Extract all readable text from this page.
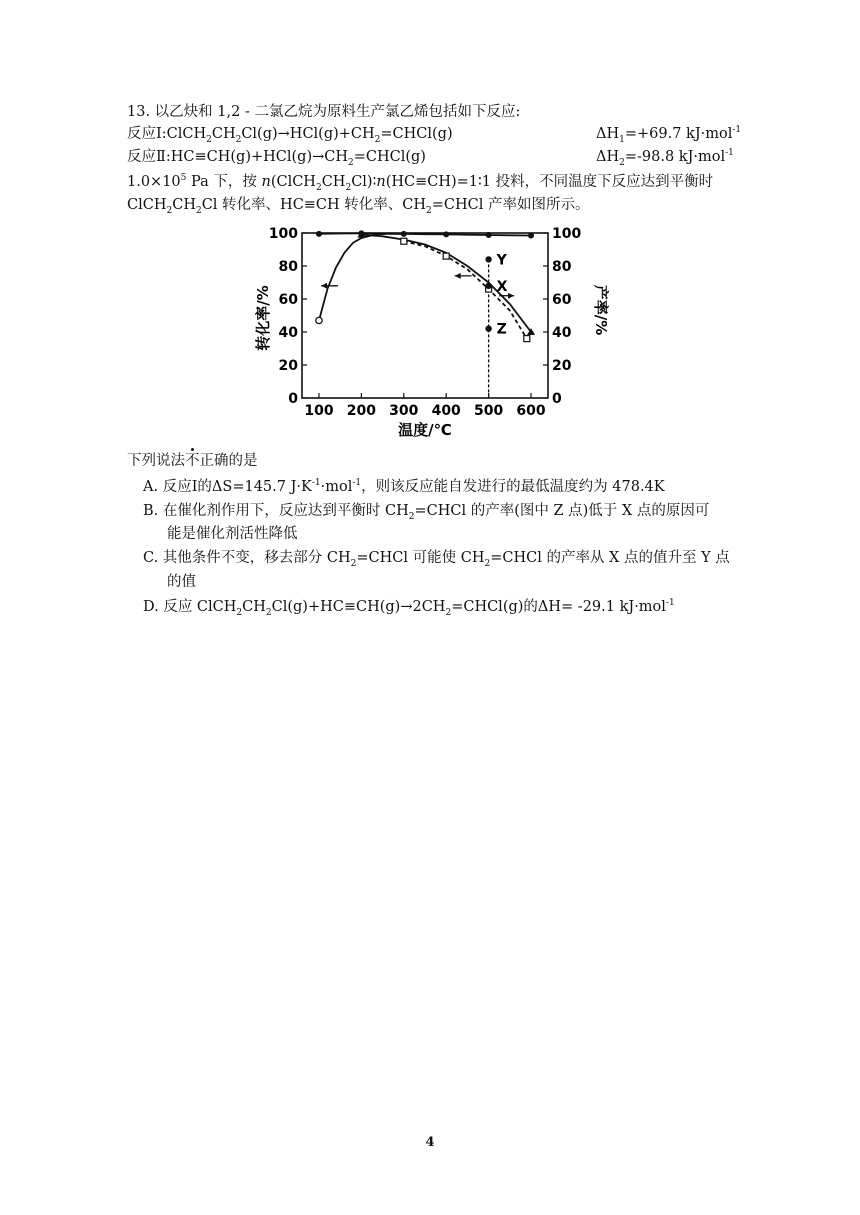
13. 以乙炔和 1,2 - 二氯乙烷为原料生产氯乙烯包括如下反应:
反应$Ⅰ:ClCH_2CH_2Cl(g)\to HCl(g)+CH_2=CHCl(g)$	$\Delta H_1=+69.7$ kJ·mol$^{-1}$
反应$Ⅱ:HC\equiv CH(g)+HCl(g)\to CH_2=CHCl(g)$	$\Delta H_2=-98.8$ kJ·mol$^{-1}$
$1.0\times 10^5$ Pa 下，按 $n(ClCH_2CH_2Cl)∶n(HC\equiv CH)=1∶1$ 投料，不同温度下反应达到平衡时
$ClCH_2CH_2Cl$ 转化率、HC≡CH 转化率、$CH_2=CHCl$ 产率如图所示。
0	0
20	20
40	40
60	60
80	80
100	100
100 200 300 400 500 600
Y
X
Z
转化率/%	产率/%
温度/℃
下列说法不正确的是
A. 反应Ⅰ的ΔS=145.7 $J\cdot K^{-1}\cdot mol^{-1}$，则该反应能自发进行的最低温度约为 478.4K
B. 在催化剂作用下，反应达到平衡时 $CH_2=CHCl$ 的产率(图中 Z 点)低于 X 点的原因可
能是催化剂活性降低
C. 其他条件不变，移去部分 $CH_2=CHCl$ 可能使 $CH_2=CHCl$ 的产率从 X 点的值升至 Y 点
的值
D. 反应 $ClCH_2CH_2Cl(g)+HC\equiv CH(g)\to 2CH_2=CHCl(g)$的ΔH= -29.1 kJ·mol$^{-1}$
4
